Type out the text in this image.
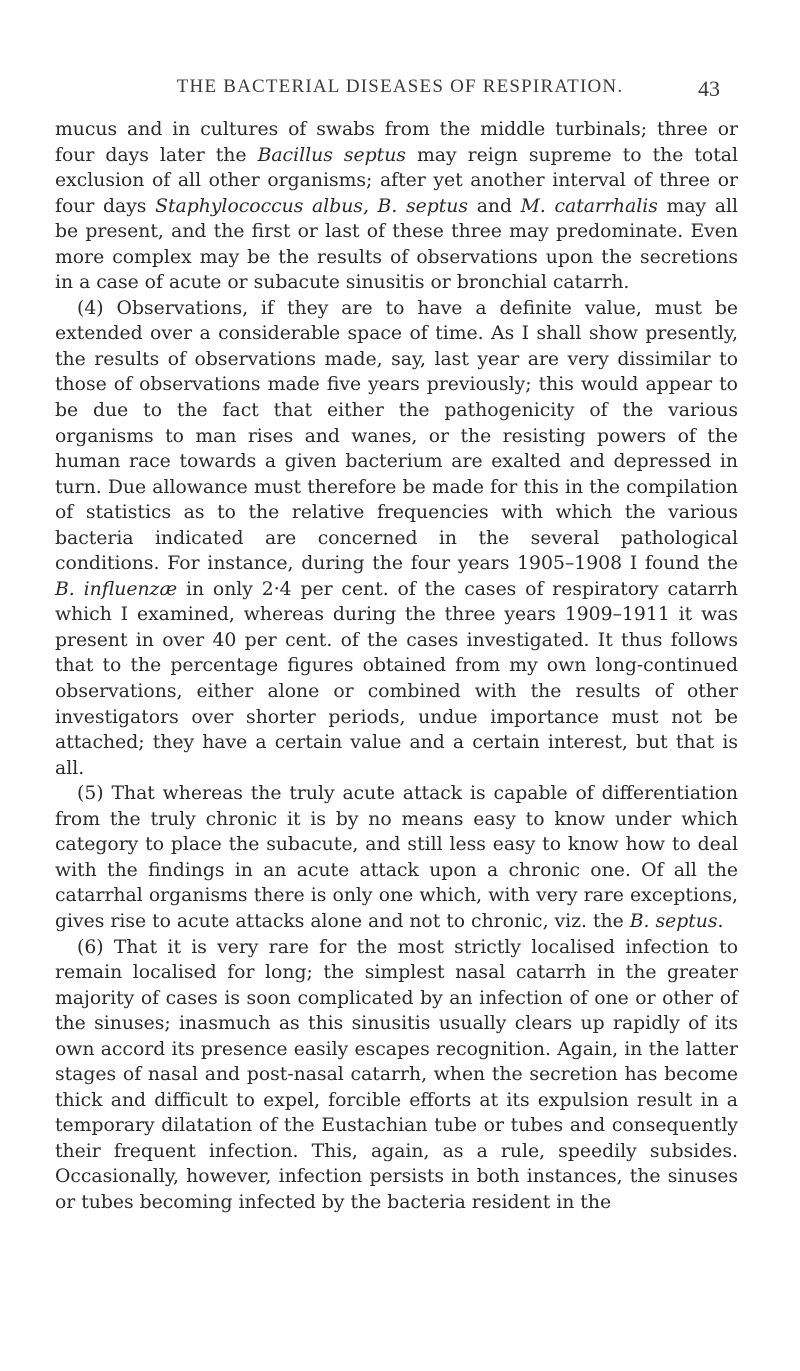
THE BACTERIAL DISEASES OF RESPIRATION.	43

mucus and in cultures of swabs from the middle turbinals; three or four days later the Bacillus septus may reign supreme to the total exclusion of all other organisms; after yet another interval of three or four days Staphylococcus albus, B. septus and M. catarrhalis may all be present, and the first or last of these three may predominate. Even more complex may be the results of observations upon the secretions in a case of acute or subacute sinusitis or bronchial catarrh.

(4) Observations, if they are to have a definite value, must be extended over a considerable space of time. As I shall show presently, the results of observations made, say, last year are very dissimilar to those of observations made five years previously; this would appear to be due to the fact that either the pathogenicity of the various organisms to man rises and wanes, or the resisting powers of the human race towards a given bacterium are exalted and depressed in turn. Due allowance must therefore be made for this in the compilation of statistics as to the relative frequencies with which the various bacteria indicated are concerned in the several pathological conditions. For instance, during the four years 1905–1908 I found the B. influenzæ in only 2·4 per cent. of the cases of respiratory catarrh which I examined, whereas during the three years 1909–1911 it was present in over 40 per cent. of the cases investigated. It thus follows that to the percentage figures obtained from my own long-continued observations, either alone or combined with the results of other investigators over shorter periods, undue importance must not be attached; they have a certain value and a certain interest, but that is all.

(5) That whereas the truly acute attack is capable of differentiation from the truly chronic it is by no means easy to know under which category to place the subacute, and still less easy to know how to deal with the findings in an acute attack upon a chronic one. Of all the catarrhal organisms there is only one which, with very rare exceptions, gives rise to acute attacks alone and not to chronic, viz. the B. septus.

(6) That it is very rare for the most strictly localised infection to remain localised for long; the simplest nasal catarrh in the greater majority of cases is soon complicated by an infection of one or other of the sinuses; inasmuch as this sinusitis usually clears up rapidly of its own accord its presence easily escapes recognition. Again, in the latter stages of nasal and post-nasal catarrh, when the secretion has become thick and difficult to expel, forcible efforts at its expulsion result in a temporary dilatation of the Eustachian tube or tubes and consequently their frequent infection. This, again, as a rule, speedily subsides. Occasionally, however, infection persists in both instances, the sinuses or tubes becoming infected by the bacteria resident in the
